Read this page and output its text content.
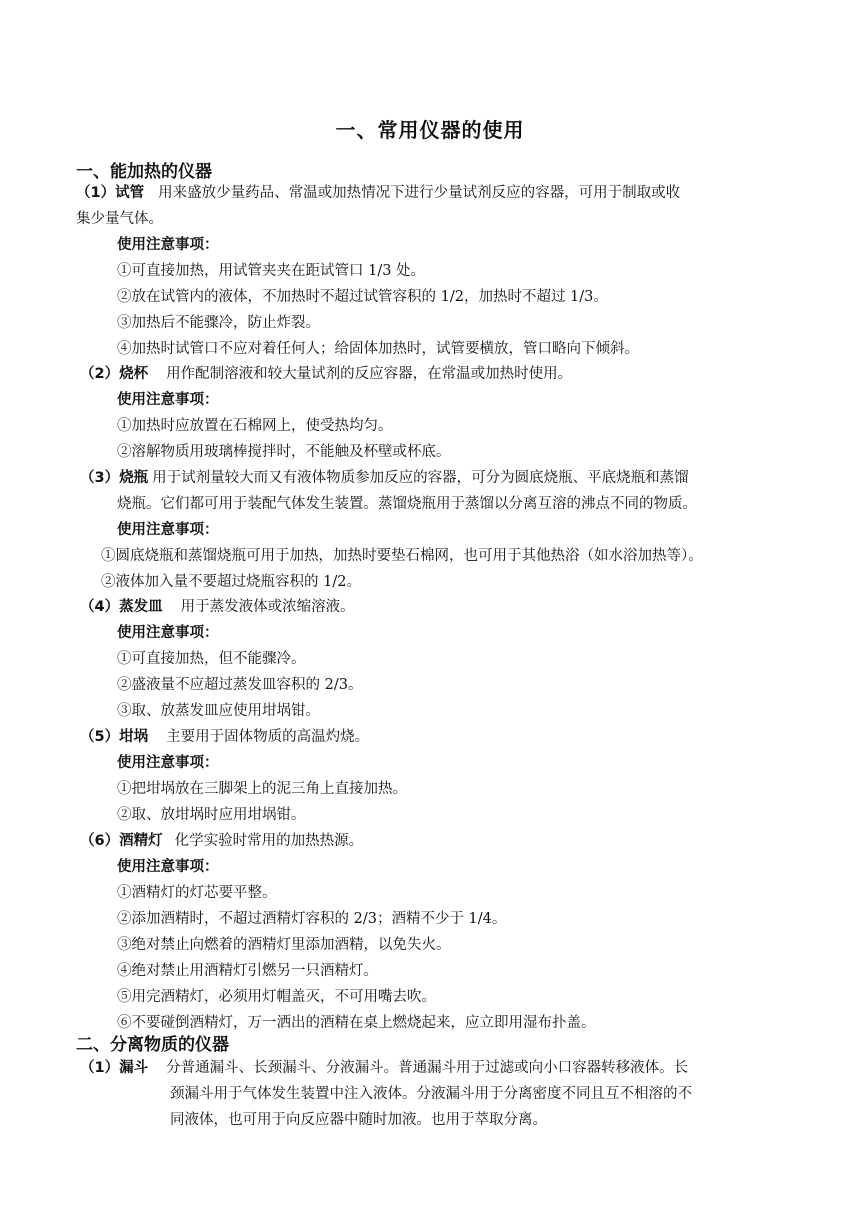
一、常用仪器的使用
一、能加热的仪器
（1）试管 用来盛放少量药品、常温或加热情况下进行少量试剂反应的容器，可用于制取或收
集少量气体。
使用注意事项：
①可直接加热，用试管夹夹在距试管口 1/3 处。
②放在试管内的液体，不加热时不超过试管容积的 1/2，加热时不超过 1/3。
③加热后不能骤冷，防止炸裂。
④加热时试管口不应对着任何人；给固体加热时，试管要横放，管口略向下倾斜。
（2）烧杯 用作配制溶液和较大量试剂的反应容器，在常温或加热时使用。
使用注意事项：
①加热时应放置在石棉网上，使受热均匀。
②溶解物质用玻璃棒搅拌时，不能触及杯壁或杯底。
（3）烧瓶 用于试剂量较大而又有液体物质参加反应的容器，可分为圆底烧瓶、平底烧瓶和蒸馏
烧瓶。它们都可用于装配气体发生装置。蒸馏烧瓶用于蒸馏以分离互溶的沸点不同的物质。
使用注意事项：
①圆底烧瓶和蒸馏烧瓶可用于加热，加热时要垫石棉网，也可用于其他热浴（如水浴加热等）。
②液体加入量不要超过烧瓶容积的 1/2。
（4）蒸发皿 用于蒸发液体或浓缩溶液。
使用注意事项：
①可直接加热，但不能骤冷。
②盛液量不应超过蒸发皿容积的 2/3。
③取、放蒸发皿应使用坩埚钳。
（5）坩埚 主要用于固体物质的高温灼烧。
使用注意事项：
①把坩埚放在三脚架上的泥三角上直接加热。
②取、放坩埚时应用坩埚钳。
（6）酒精灯 化学实验时常用的加热热源。
使用注意事项：
①酒精灯的灯芯要平整。
②添加酒精时，不超过酒精灯容积的 2/3；酒精不少于 1/4。
③绝对禁止向燃着的酒精灯里添加酒精，以免失火。
④绝对禁止用酒精灯引燃另一只酒精灯。
⑤用完酒精灯，必须用灯帽盖灭，不可用嘴去吹。
⑥不要碰倒酒精灯，万一洒出的酒精在桌上燃烧起来，应立即用湿布扑盖。
二、分离物质的仪器
（1）漏斗 分普通漏斗、长颈漏斗、分液漏斗。普通漏斗用于过滤或向小口容器转移液体。长
颈漏斗用于气体发生装置中注入液体。分液漏斗用于分离密度不同且互不相溶的不
同液体，也可用于向反应器中随时加液。也用于萃取分离。
